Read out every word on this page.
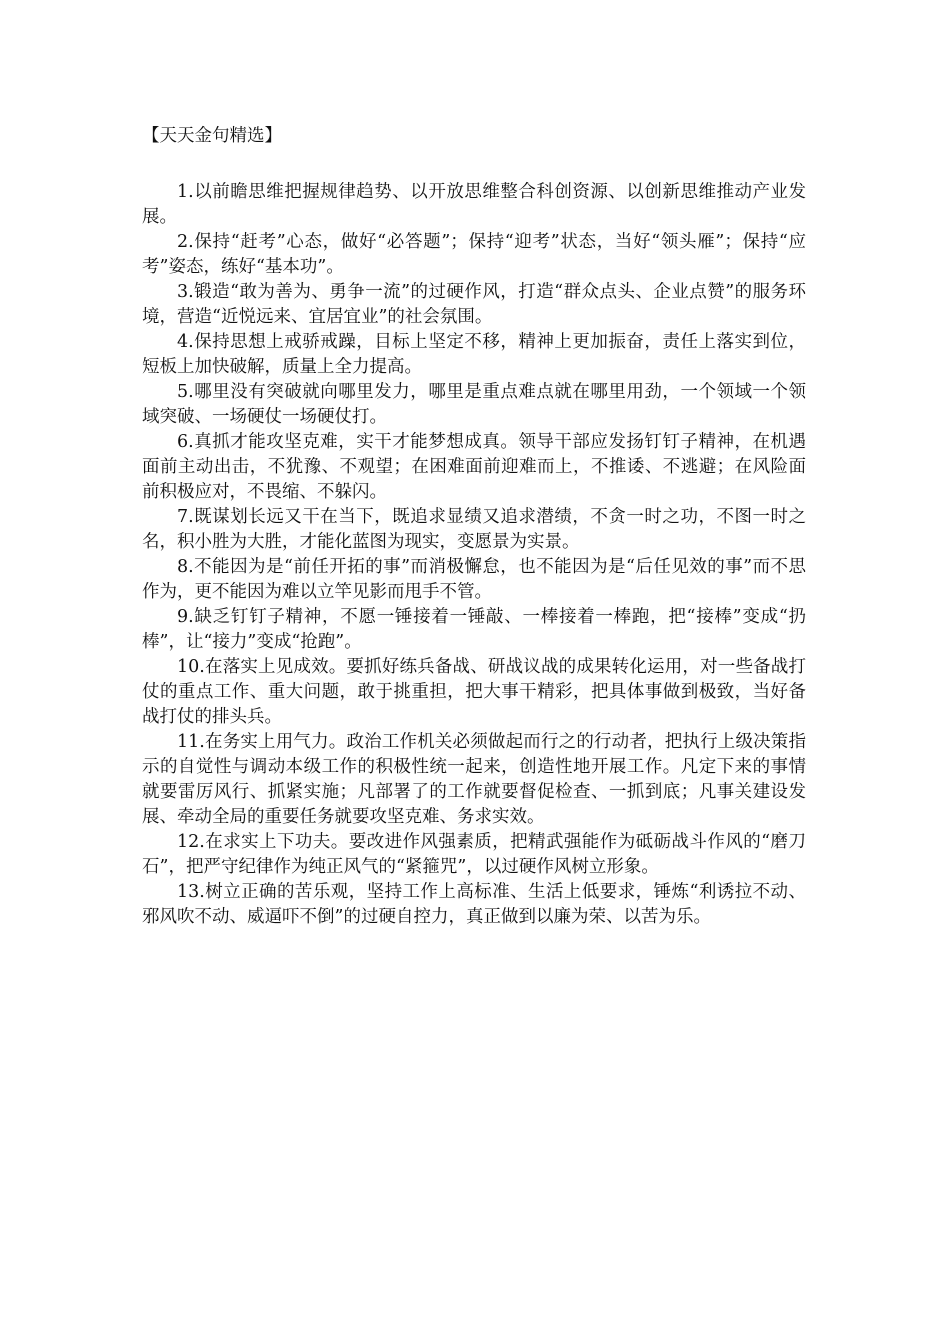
【天天金句精选】

1.以前瞻思维把握规律趋势、以开放思维整合科创资源、以创新思维推动产业发展。

2.保持“赶考”心态，做好“必答题”；保持“迎考”状态，当好“领头雁”；保持“应考”姿态，练好“基本功”。

3.锻造“敢为善为、勇争一流”的过硬作风，打造“群众点头、企业点赞”的服务环境，营造“近悦远来、宜居宜业”的社会氛围。

4.保持思想上戒骄戒躁，目标上坚定不移，精神上更加振奋，责任上落实到位，短板上加快破解，质量上全力提高。

5.哪里没有突破就向哪里发力，哪里是重点难点就在哪里用劲，一个领域一个领域突破、一场硬仗一场硬仗打。

6.真抓才能攻坚克难，实干才能梦想成真。领导干部应发扬钉钉子精神，在机遇面前主动出击，不犹豫、不观望；在困难面前迎难而上，不推诿、不逃避；在风险面前积极应对，不畏缩、不躲闪。

7.既谋划长远又干在当下，既追求显绩又追求潜绩，不贪一时之功，不图一时之名，积小胜为大胜，才能化蓝图为现实，变愿景为实景。

8.不能因为是“前任开拓的事”而消极懈怠，也不能因为是“后任见效的事”而不思作为，更不能因为难以立竿见影而甩手不管。

9.缺乏钉钉子精神，不愿一锤接着一锤敲、一棒接着一棒跑，把“接棒”变成“扔棒”，让“接力”变成“抢跑”。

10.在落实上见成效。要抓好练兵备战、研战议战的成果转化运用，对一些备战打仗的重点工作、重大问题，敢于挑重担，把大事干精彩，把具体事做到极致，当好备战打仗的排头兵。

11.在务实上用气力。政治工作机关必须做起而行之的行动者，把执行上级决策指示的自觉性与调动本级工作的积极性统一起来，创造性地开展工作。凡定下来的事情就要雷厉风行、抓紧实施；凡部署了的工作就要督促检查、一抓到底；凡事关建设发展、牵动全局的重要任务就要攻坚克难、务求实效。

12.在求实上下功夫。要改进作风强素质，把精武强能作为砥砺战斗作风的“磨刀石”，把严守纪律作为纯正风气的“紧箍咒”，以过硬作风树立形象。

13.树立正确的苦乐观，坚持工作上高标准、生活上低要求，锤炼“利诱拉不动、邪风吹不动、威逼吓不倒”的过硬自控力，真正做到以廉为荣、以苦为乐。
